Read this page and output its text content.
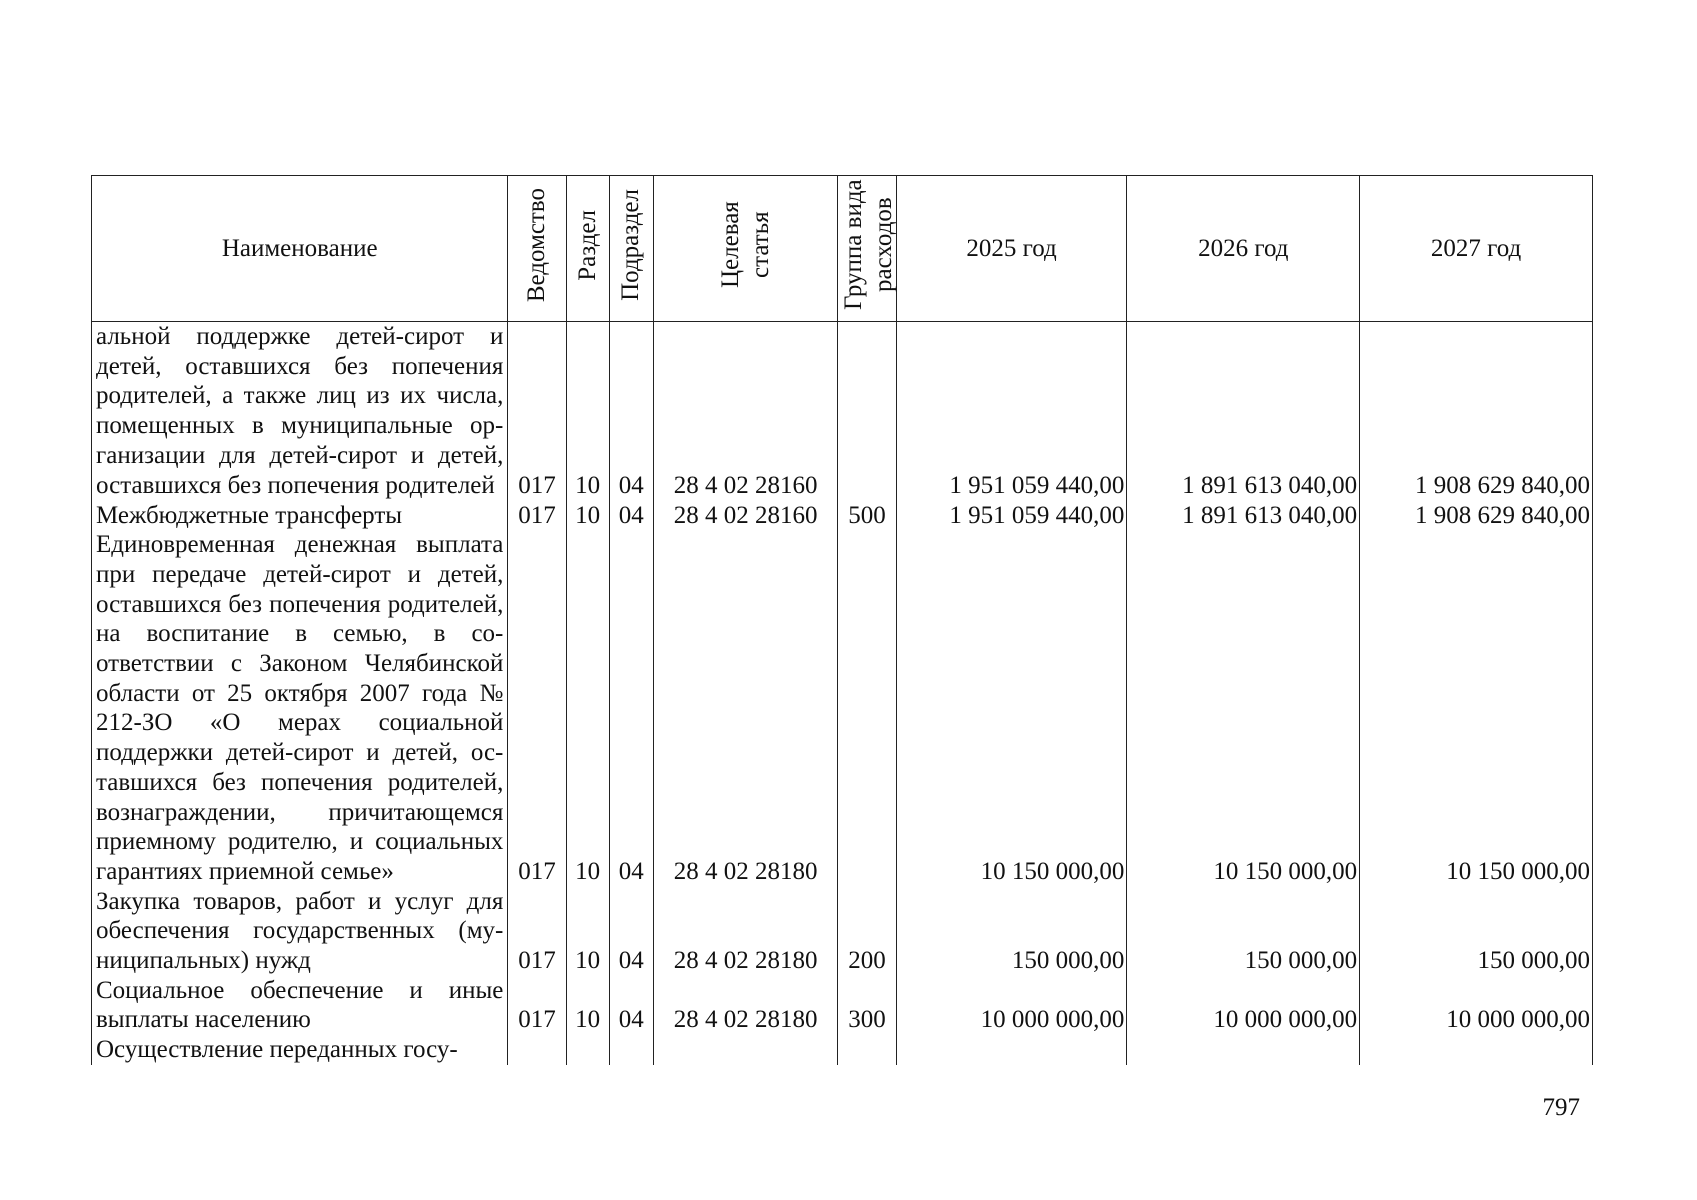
Наименование	Ведомство	Раздел	Подраздел	Целевая статья	Группа вида расходов	2025 год	2026 год	2027 год
альной поддержке детей-сирот и детей, оставшихся без попечения родителей, а также лиц из их числа, помещенных в муниципальные организации для детей-сирот и детей, оставшихся без попечения родителей	017	10	04	28 4 02 28160		1 951 059 440,00	1 891 613 040,00	1 908 629 840,00
Межбюджетные трансферты	017	10	04	28 4 02 28160	500	1 951 059 440,00	1 891 613 040,00	1 908 629 840,00
Единовременная денежная выплата при передаче детей-сирот и детей, оставшихся без попечения родителей, на воспитание в семью, в соответствии с Законом Челябинской области от 25 октября 2007 года № 212-ЗО «О мерах социальной поддержки детей-сирот и детей, оставшихся без попечения родителей, вознаграждении, причитающемся приемному родителю, и социальных гарантиях приемной семье»	017	10	04	28 4 02 28180		10 150 000,00	10 150 000,00	10 150 000,00
Закупка товаров, работ и услуг для обеспечения государственных (муниципальных) нужд	017	10	04	28 4 02 28180	200	150 000,00	150 000,00	150 000,00
Социальное обеспечение и иные выплаты населению	017	10	04	28 4 02 28180	300	10 000 000,00	10 000 000,00	10 000 000,00
Осуществление переданных госу-								
797
